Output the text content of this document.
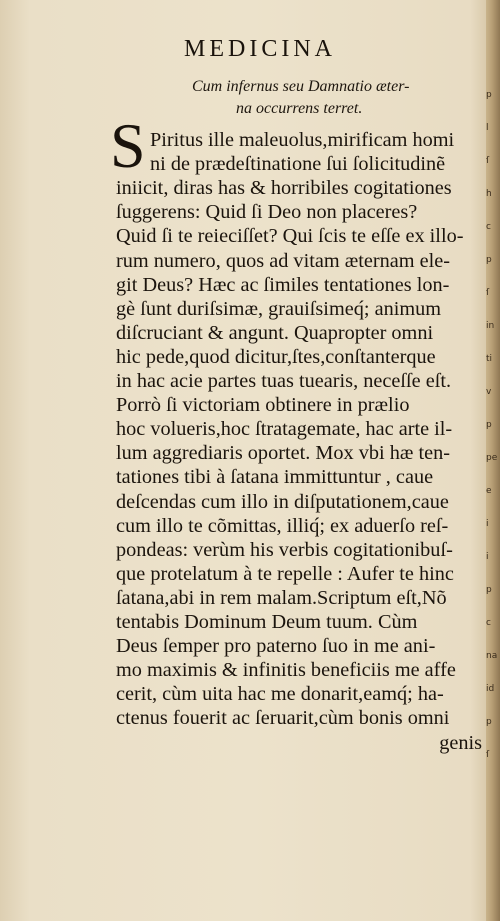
MEDICINA
Cum infernus seu Damnatio æter-
na occurrens terret.
S Piritus ille maleuolus,mirificam homi
ni de prædeſtinatione ſui ſolicitudinẽ
iniicit, diras has & horribiles cogitationes
ſuggerens: Quid ſi Deo non placeres?
Quid ſi te reieciſſet? Qui ſcis te eſſe ex illo-
rum numero, quos ad vitam æternam ele-
git Deus? Hæc ac ſimiles tentationes lon-
gè ſunt duriſsimæ, grauiſsimeq́; animum
diſcruciant & angunt. Quapropter omni
hic pede,quod dicitur,ſtes,conſtanterque
in hac acie partes tuas tuearis, neceſſe eſt.
Porrò ſi victoriam obtinere in prælio
hoc volueris,hoc ſtratagemate, hac arte il-
lum aggrediaris oportet. Mox vbi hæ ten-
tationes tibi à ſatana immittuntur , caue
deſcendas cum illo in diſputationem,caue
cum illo te cõmittas, illiq́; ex aduerſo reſ-
pondeas: verùm his verbis cogitationibuſ-
que protelatum à te repelle : Aufer te hinc
ſatana,abi in rem malam.Scriptum eſt,Nõ
tentabis Dominum Deum tuum. Cùm
Deus ſemper pro paterno ſuo in me ani-
mo maximis & infinitis beneficiis me affe
cerit, cùm uita hac me donarit,eamq́; ha-
ctenus fouerit ac ſeruarit,cùm bonis omni
genis
p
l
ſ
h
c
p
ſ
in
ti
v
p
pe
e
i
i
p
c
na
id
p
ſ
